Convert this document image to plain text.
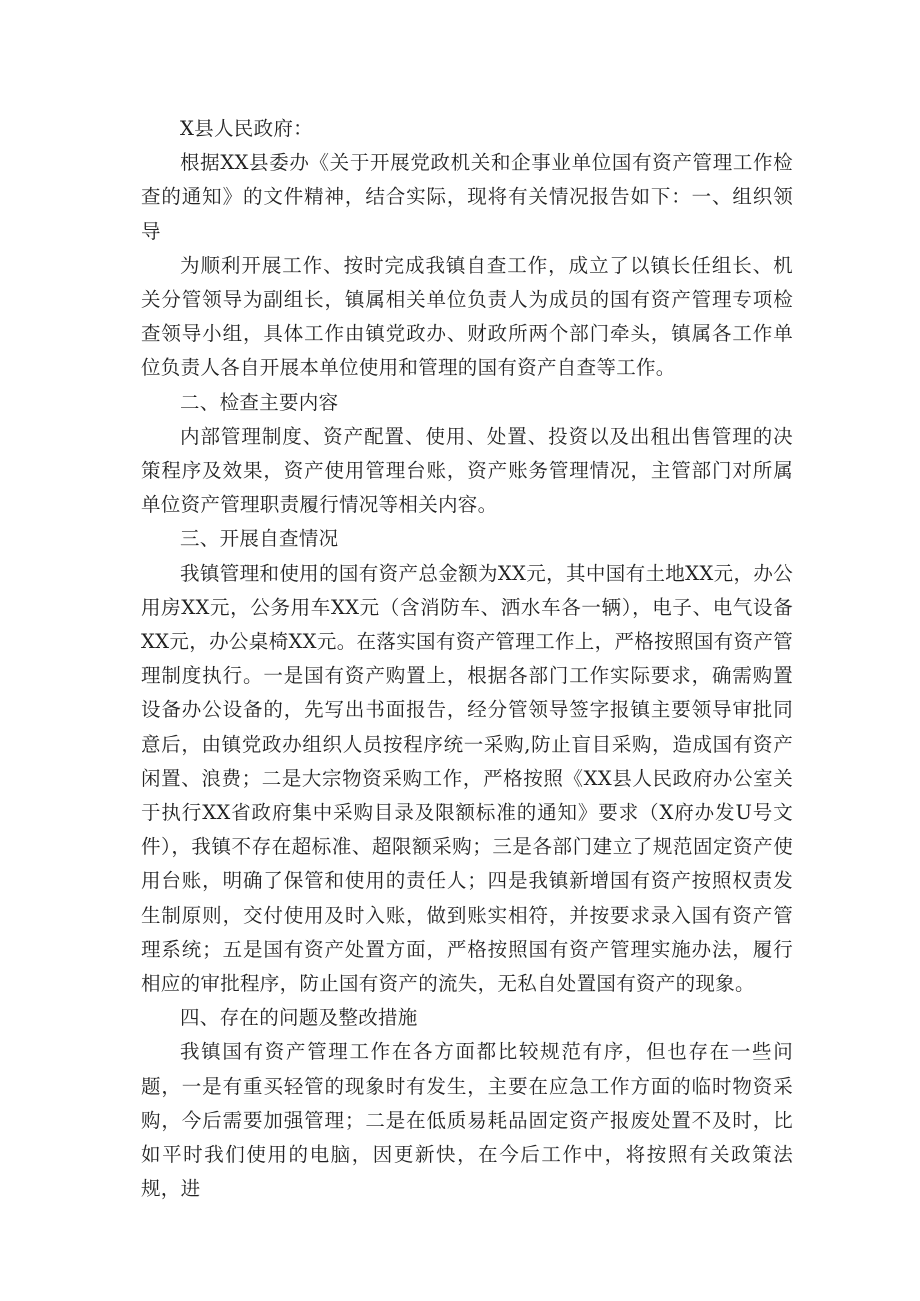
X县人民政府：

根据XX县委办《关于开展党政机关和企事业单位国有资产管理工作检查的通知》的文件精神，结合实际，现将有关情况报告如下：一、组织领导

为顺利开展工作、按时完成我镇自查工作，成立了以镇长任组长、机关分管领导为副组长，镇属相关单位负责人为成员的国有资产管理专项检查领导小组，具体工作由镇党政办、财政所两个部门牵头，镇属各工作单位负责人各自开展本单位使用和管理的国有资产自查等工作。

二、检查主要内容

内部管理制度、资产配置、使用、处置、投资以及出租出售管理的决策程序及效果，资产使用管理台账，资产账务管理情况，主管部门对所属单位资产管理职责履行情况等相关内容。

三、开展自查情况

我镇管理和使用的国有资产总金额为XX元，其中国有土地XX元，办公用房XX元，公务用车XX元（含消防车、洒水车各一辆），电子、电气设备XX元，办公桌椅XX元。在落实国有资产管理工作上，严格按照国有资产管理制度执行。一是国有资产购置上，根据各部门工作实际要求，确需购置设备办公设备的，先写出书面报告，经分管领导签字报镇主要领导审批同意后，由镇党政办组织人员按程序统一采购,防止盲目采购，造成国有资产闲置、浪费；二是大宗物资采购工作，严格按照《XX县人民政府办公室关于执行XX省政府集中采购目录及限额标准的通知》要求（X府办发U号文件），我镇不存在超标准、超限额采购；三是各部门建立了规范固定资产使用台账，明确了保管和使用的责任人；四是我镇新增国有资产按照权责发生制原则，交付使用及时入账，做到账实相符，并按要求录入国有资产管理系统；五是国有资产处置方面，严格按照国有资产管理实施办法，履行相应的审批程序，防止国有资产的流失，无私自处置国有资产的现象。

四、存在的问题及整改措施

我镇国有资产管理工作在各方面都比较规范有序，但也存在一些问题，一是有重买轻管的现象时有发生，主要在应急工作方面的临时物资采购，今后需要加强管理；二是在低质易耗品固定资产报废处置不及时，比如平时我们使用的电脑，因更新快，在今后工作中，将按照有关政策法规，进
